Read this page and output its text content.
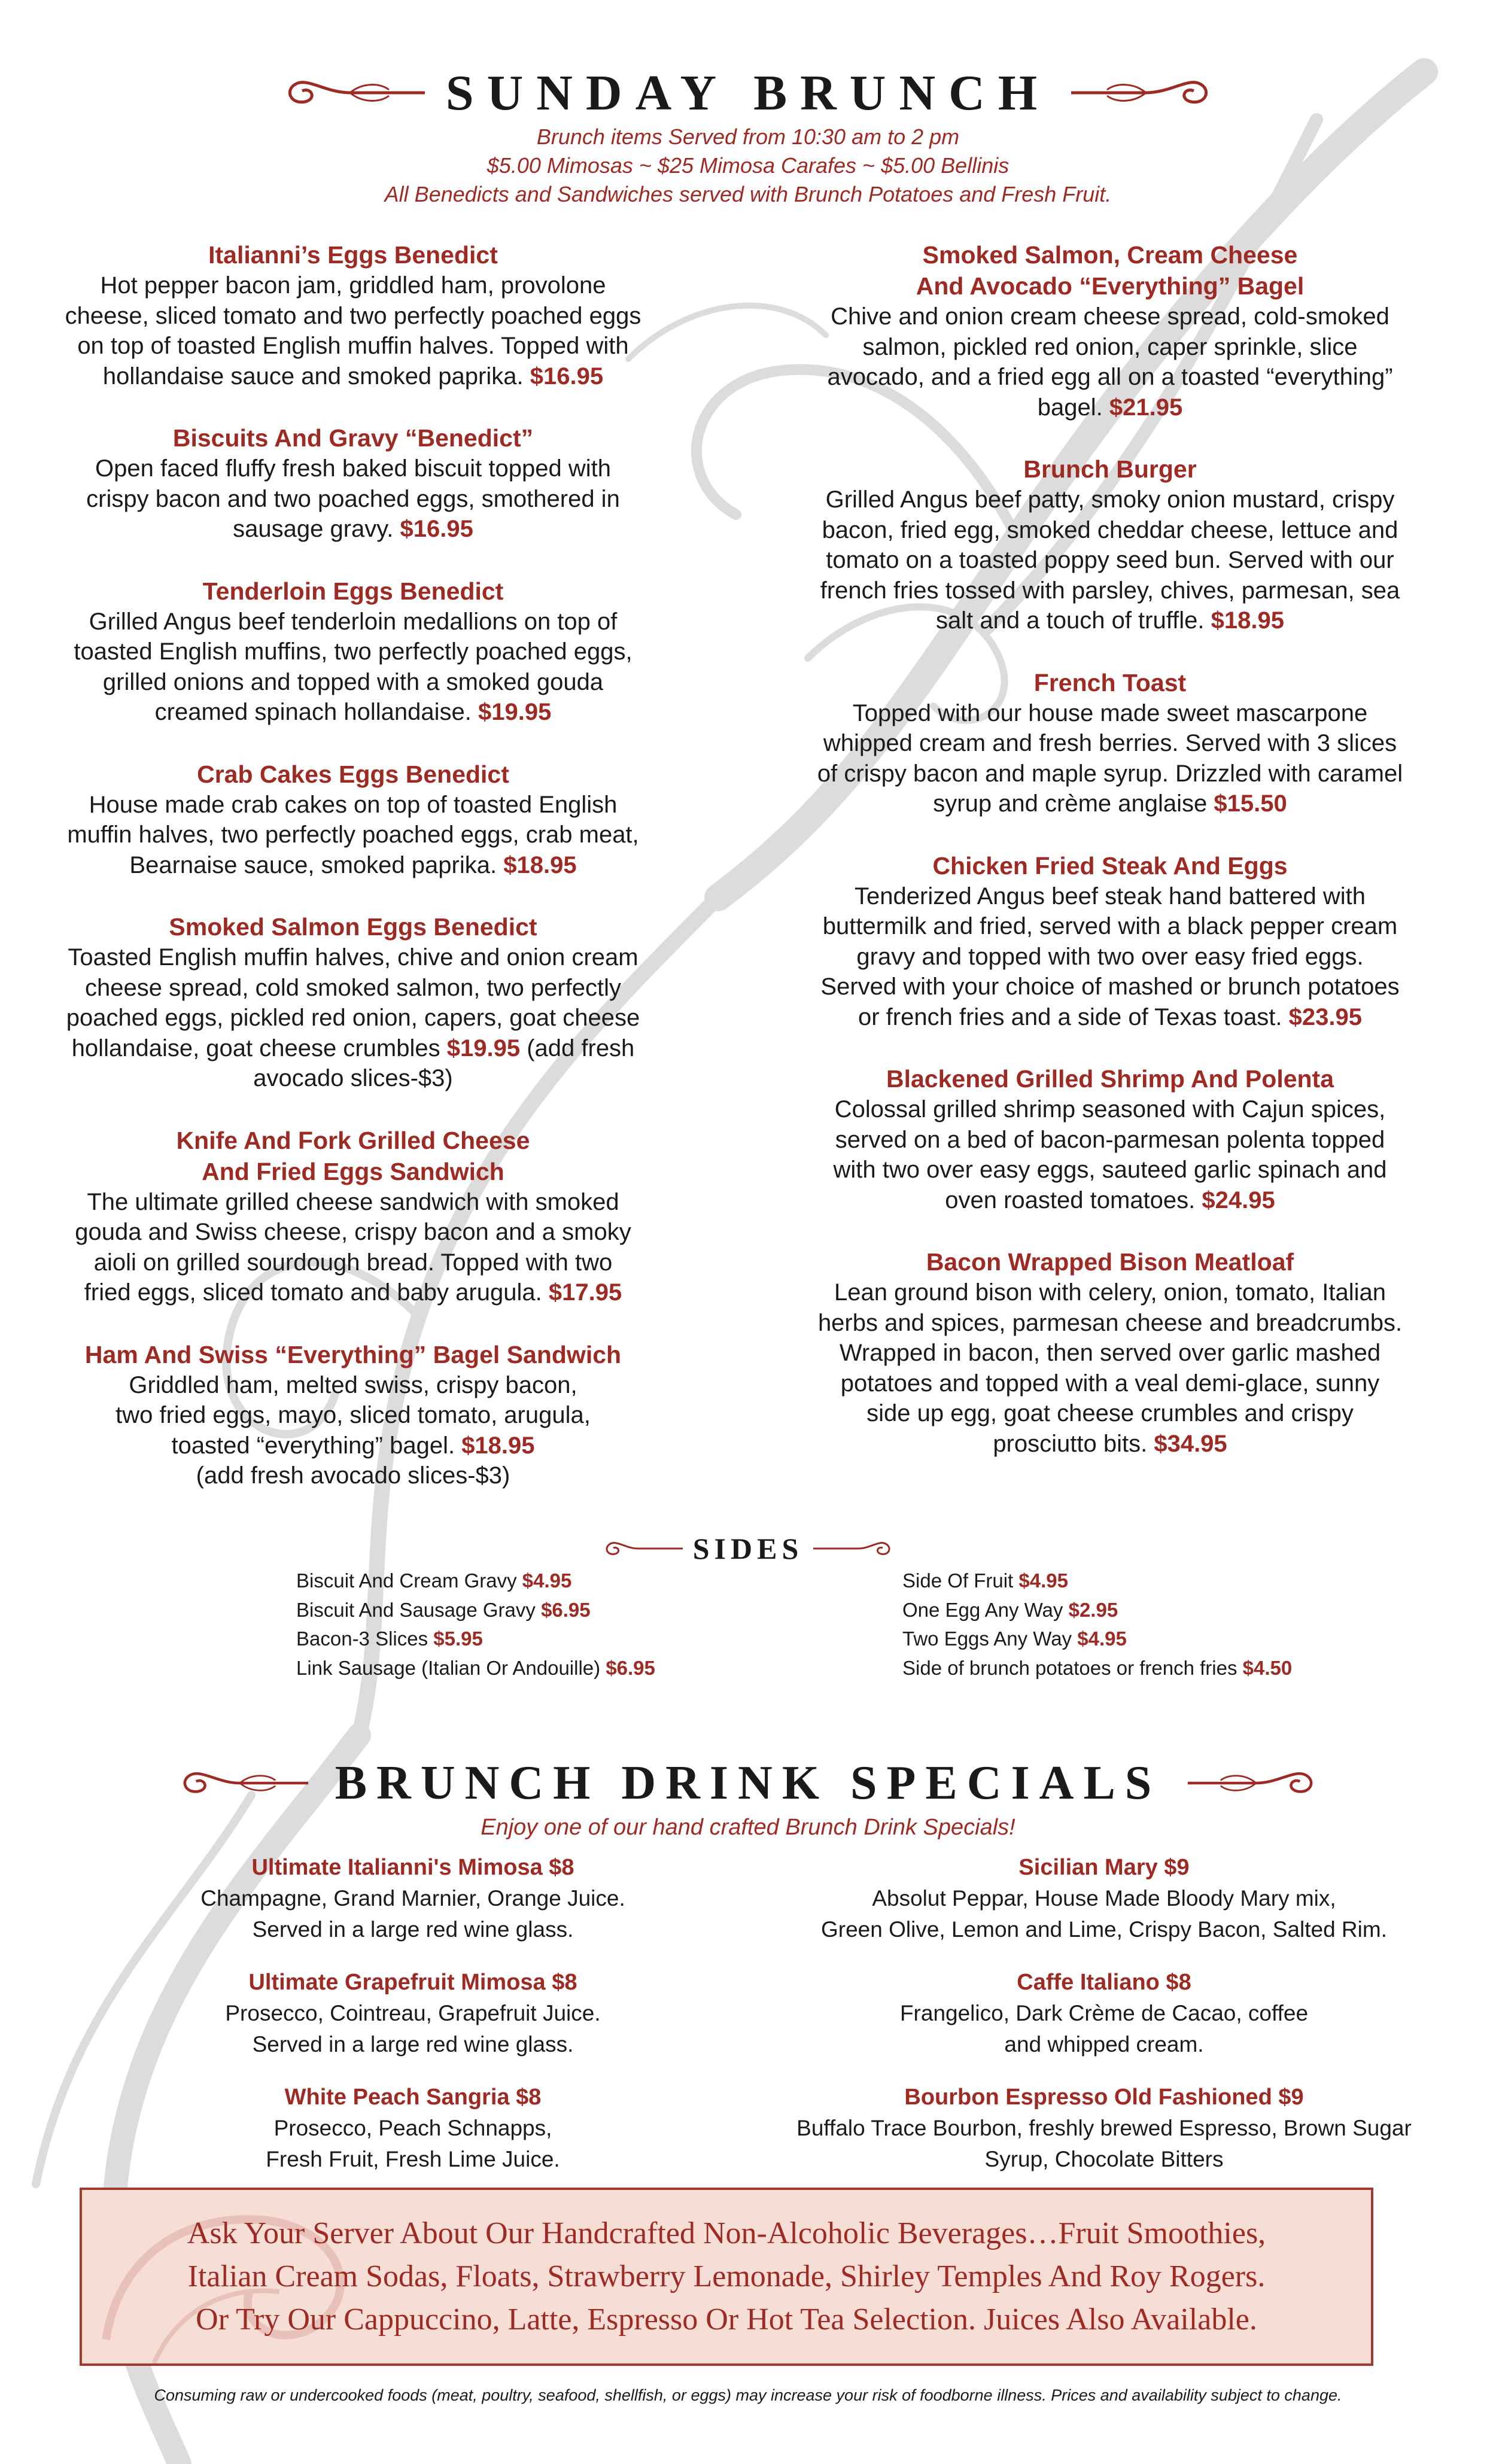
SUNDAY BRUNCH
Brunch items Served from 10:30 am to 2 pm
$5.00 Mimosas ~ $25 Mimosa Carafes ~ $5.00 Bellinis
All Benedicts and Sandwiches served with Brunch Potatoes and Fresh Fruit.
Italianni’s Eggs Benedict
Hot pepper bacon jam, griddled ham, provolone
cheese, sliced tomato and two perfectly poached eggs
on top of toasted English muffin halves. Topped with
hollandaise sauce and smoked paprika. $16.95
Biscuits And Gravy “Benedict”
Open faced fluffy fresh baked biscuit topped with
crispy bacon and two poached eggs, smothered in
sausage gravy. $16.95
Tenderloin Eggs Benedict
Grilled Angus beef tenderloin medallions on top of
toasted English muffins, two perfectly poached eggs,
grilled onions and topped with a smoked gouda
creamed spinach hollandaise. $19.95
Crab Cakes Eggs Benedict
House made crab cakes on top of toasted English
muffin halves, two perfectly poached eggs, crab meat,
Bearnaise sauce, smoked paprika. $18.95
Smoked Salmon Eggs Benedict
Toasted English muffin halves, chive and onion cream
cheese spread, cold smoked salmon, two perfectly
poached eggs, pickled red onion, capers, goat cheese
hollandaise, goat cheese crumbles $19.95 (add fresh
avocado slices-$3)
Knife And Fork Grilled Cheese
And Fried Eggs Sandwich
The ultimate grilled cheese sandwich with smoked
gouda and Swiss cheese, crispy bacon and a smoky
aioli on grilled sourdough bread. Topped with two
fried eggs, sliced tomato and baby arugula. $17.95
Ham And Swiss “Everything” Bagel Sandwich
Griddled ham, melted swiss, crispy bacon,
two fried eggs, mayo, sliced tomato, arugula,
toasted “everything” bagel. $18.95
(add fresh avocado slices-$3)
Smoked Salmon, Cream Cheese
And Avocado “Everything” Bagel
Chive and onion cream cheese spread, cold-smoked
salmon, pickled red onion, caper sprinkle, slice
avocado, and a fried egg all on a toasted “everything”
bagel. $21.95
Brunch Burger
Grilled Angus beef patty, smoky onion mustard, crispy
bacon, fried egg, smoked cheddar cheese, lettuce and
tomato on a toasted poppy seed bun. Served with our
french fries tossed with parsley, chives, parmesan, sea
salt and a touch of truffle. $18.95
French Toast
Topped with our house made sweet mascarpone
whipped cream and fresh berries. Served with 3 slices
of crispy bacon and maple syrup. Drizzled with caramel
syrup and crème anglaise $15.50
Chicken Fried Steak And Eggs
Tenderized Angus beef steak hand battered with
buttermilk and fried, served with a black pepper cream
gravy and topped with two over easy fried eggs.
Served with your choice of mashed or brunch potatoes
or french fries and a side of Texas toast. $23.95
Blackened Grilled Shrimp And Polenta
Colossal grilled shrimp seasoned with Cajun spices,
served on a bed of bacon-parmesan polenta topped
with two over easy eggs, sauteed garlic spinach and
oven roasted tomatoes. $24.95
Bacon Wrapped Bison Meatloaf
Lean ground bison with celery, onion, tomato, Italian
herbs and spices, parmesan cheese and breadcrumbs.
Wrapped in bacon, then served over garlic mashed
potatoes and topped with a veal demi-glace, sunny
side up egg, goat cheese crumbles and crispy
prosciutto bits. $34.95
SIDES
Biscuit And Cream Gravy $4.95
Biscuit And Sausage Gravy $6.95
Bacon-3 Slices $5.95
Link Sausage (Italian Or Andouille) $6.95
Side Of Fruit $4.95
One Egg Any Way $2.95
Two Eggs Any Way $4.95
Side of brunch potatoes or french fries $4.50
BRUNCH DRINK SPECIALS
Enjoy one of our hand crafted Brunch Drink Specials!
Ultimate Italianni's Mimosa $8
Champagne, Grand Marnier, Orange Juice.
Served in a large red wine glass.
Ultimate Grapefruit Mimosa $8
Prosecco, Cointreau, Grapefruit Juice.
Served in a large red wine glass.
White Peach Sangria $8
Prosecco, Peach Schnapps,
Fresh Fruit, Fresh Lime Juice.
Sicilian Mary $9
Absolut Peppar, House Made Bloody Mary mix,
Green Olive, Lemon and Lime, Crispy Bacon, Salted Rim.
Caffe Italiano $8
Frangelico, Dark Crème de Cacao, coffee
and whipped cream.
Bourbon Espresso Old Fashioned $9
Buffalo Trace Bourbon, freshly brewed Espresso, Brown Sugar
Syrup, Chocolate Bitters
Ask Your Server About Our Handcrafted Non-Alcoholic Beverages…Fruit Smoothies,
Italian Cream Sodas, Floats, Strawberry Lemonade, Shirley Temples And Roy Rogers.
Or Try Our Cappuccino, Latte, Espresso Or Hot Tea Selection. Juices Also Available.
Consuming raw or undercooked foods (meat, poultry, seafood, shellfish, or eggs) may increase your risk of foodborne illness. Prices and availability subject to change.
